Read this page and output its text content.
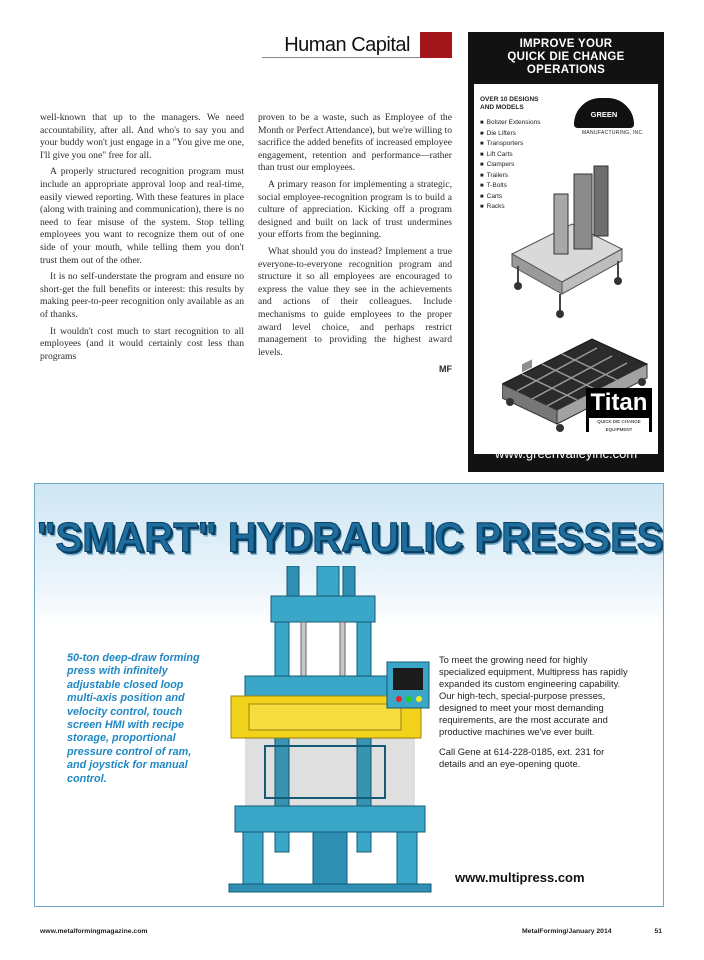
Human Capital

well-known that up to the managers. We need accountability, after all. And who's to say you and your buddy won't just engage in a "You give me one, I'll give you one" free for all.

A properly structured recognition program must include an appropriate approval loop and real-time, easily viewed reporting. With these features in place (along with training and communication), there is no need to fear misuse of the system. Stop telling employees you want to recognize them out of one side of your mouth, while telling them you don't trust them out of the other.

It is no self-understate the program and ensure no short-get the full benefits or interest: this results by making peer-to-peer recognition only available as an of thanks.

It wouldn't cost much to start recognition to all employees (and it would certainly cost less than programs

proven to be a waste, such as Employee of the Month or Perfect Attendance), but we're willing to sacrifice the added benefits of increased employee engagement, retention and performance—rather than trust our employees.

A primary reason for implementing a strategic, social employee-recognition program is to build a culture of appreciation. Kicking off a program designed and built on lack of trust undermines your efforts from the beginning.

What should you do instead? Implement a true everyone-to-everyone recognition program and structure it so all employees are encouraged to express the value they see in the achievements and actions of their colleagues. Include mechanisms to guide employees to the proper award level choice, and perhaps restrict management to providing the highest award levels.

MF
IMPROVE YOUR
QUICK DIE CHANGE
OPERATIONS
OVER 10 DESIGNS AND MODELS
■ Bolster Extensions
■ Die Lifters
■ Transporters
■ Lift Carts
■ Clampers
■ Trailers
■ T-Bolts
■ Carts
■ Racks
GREEN VALLEY
MANUFACTURING, INC.
Titan
QUICK DIE CHANGE EQUIPMENT
www.greenvalleyinc.com
"SMART" HYDRAULIC PRESSES
50-ton deep-draw forming press with infinitely adjustable closed loop multi-axis position and velocity control, touch screen HMI with recipe storage, proportional pressure control of ram, and joystick for manual control.

To meet the growing need for highly specialized equipment, Multipress has rapidly expanded its custom engineering capability. Our high-tech, special-purpose presses, designed to meet your most demanding requirements, are the most accurate and productive machines we've ever built.

Call Gene at 614-228-0185, ext. 231 for details and an eye-opening quote.

www.multipress.com
www.metalformingmagazine.com	MetalForming/January 2014	51
